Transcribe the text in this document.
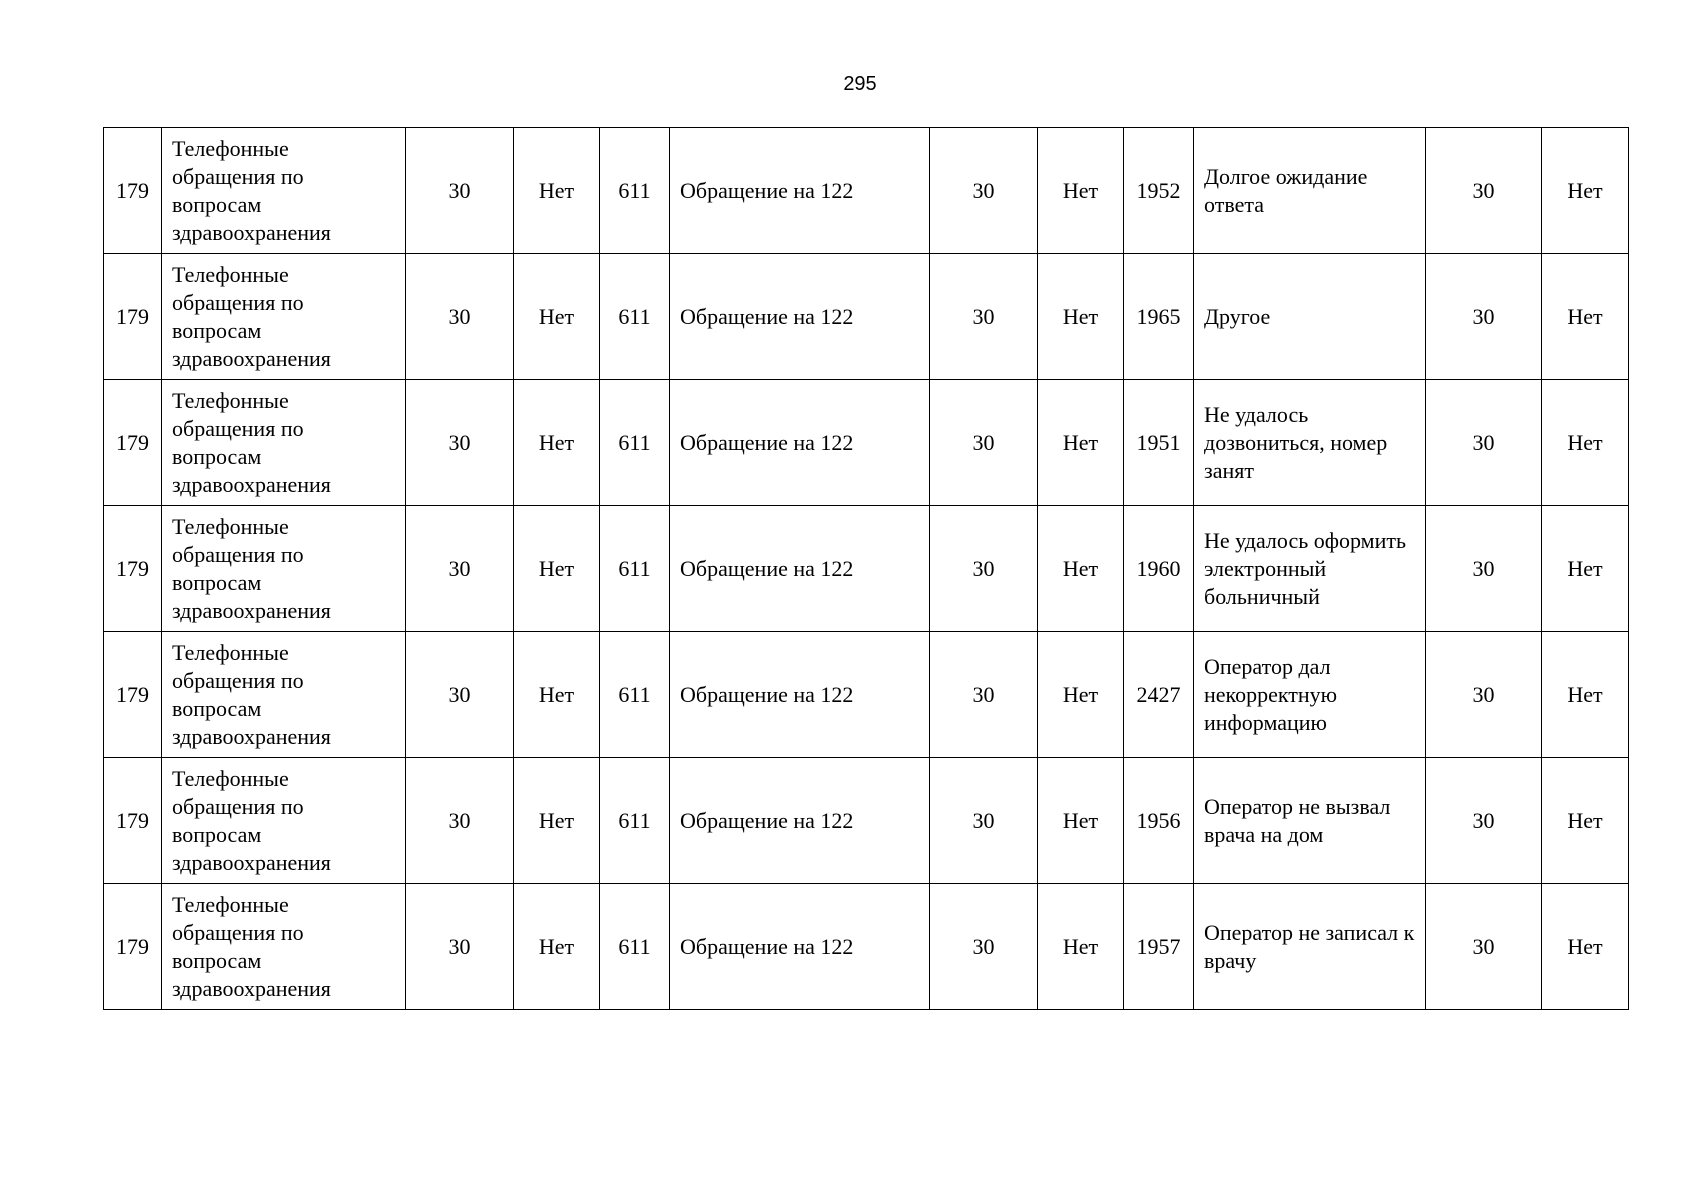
295
179	Телефонные обращения по вопросам здравоохранения	30	Нет	611	Обращение на 122	30	Нет	1952	Долгое ожидание ответа	30	Нет
179	Телефонные обращения по вопросам здравоохранения	30	Нет	611	Обращение на 122	30	Нет	1965	Другое	30	Нет
179	Телефонные обращения по вопросам здравоохранения	30	Нет	611	Обращение на 122	30	Нет	1951	Не удалось дозвониться, номер занят	30	Нет
179	Телефонные обращения по вопросам здравоохранения	30	Нет	611	Обращение на 122	30	Нет	1960	Не удалось оформить электронный больничный	30	Нет
179	Телефонные обращения по вопросам здравоохранения	30	Нет	611	Обращение на 122	30	Нет	2427	Оператор дал некорректную информацию	30	Нет
179	Телефонные обращения по вопросам здравоохранения	30	Нет	611	Обращение на 122	30	Нет	1956	Оператор не вызвал врача на дом	30	Нет
179	Телефонные обращения по вопросам здравоохранения	30	Нет	611	Обращение на 122	30	Нет	1957	Оператор не записал к врачу	30	Нет
